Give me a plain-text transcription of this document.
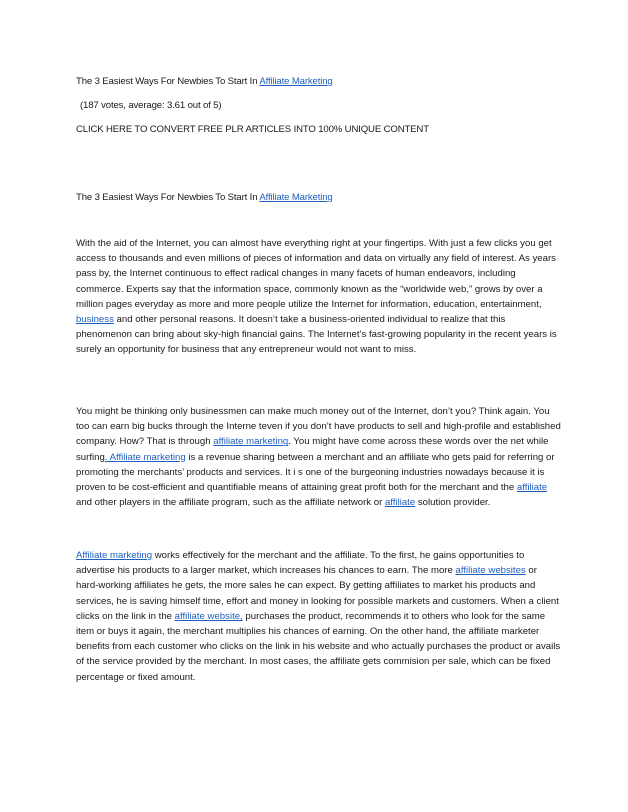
The 3 Easiest Ways For Newbies To Start In Affiliate Marketing
(187 votes, average: 3.61 out of 5)
CLICK HERE TO CONVERT FREE PLR ARTICLES INTO 100% UNIQUE CONTENT
The 3 Easiest Ways For Newbies To Start In Affiliate Marketing

With the aid of the Internet, you can almost have everything right at your fingertips. With just a few clicks you get access to thousands and even millions of pieces of information and data on virtually any field of interest. As years pass by, the Internet continuous to effect radical changes in many facets of human endeavors, including commerce. Experts say that the information space, commonly known as the “worldwide web,” grows by over a million pages everyday as more and more people utilize the Internet for information, education, entertainment, business and other personal reasons. It doesn’t take a business-oriented individual to realize that this phenomenon can bring about sky-high financial gains. The Internet’s fast-growing popularity in the recent years is surely an opportunity for business that any entrepreneur would not want to miss.

You might be thinking only businessmen can make much money out of the Internet, don’t you? Think again. You too can earn big bucks through the Interne teven if you don’t have products to sell and high-profile and established company. How? That is through affiliate marketing. You might have come across these words over the net while surfing. Affiliate marketing is a revenue sharing between a merchant and an affiliate who gets paid for referring or promoting the merchants’ products and services. It i s one of the burgeoning industries nowadays because it is proven to be cost-efficient and quantifiable means of attaining great profit both for the merchant and the affiliate and other players in the affiliate program, such as the affiliate network or affiliate solution provider.

Affiliate marketing works effectively for the merchant and the affiliate. To the first, he gains opportunities to advertise his products to a larger market, which increases his chances to earn. The more affiliate websites or hard-working affiliates he gets, the more sales he can expect. By getting affiliates to market his products and services, he is saving himself time, effort and money in looking for possible markets and customers. When a client clicks on the link in the affiliate website, purchases the product, recommends it to others who look for the same item or buys it again, the merchant multiplies his chances of earning. On the other hand, the affiliate marketer benefits from each customer who clicks on the link in his website and who actually purchases the product or avails of the service provided by the merchant. In most cases, the affiliate gets commision per sale, which can be fixed percentage or fixed amount.
